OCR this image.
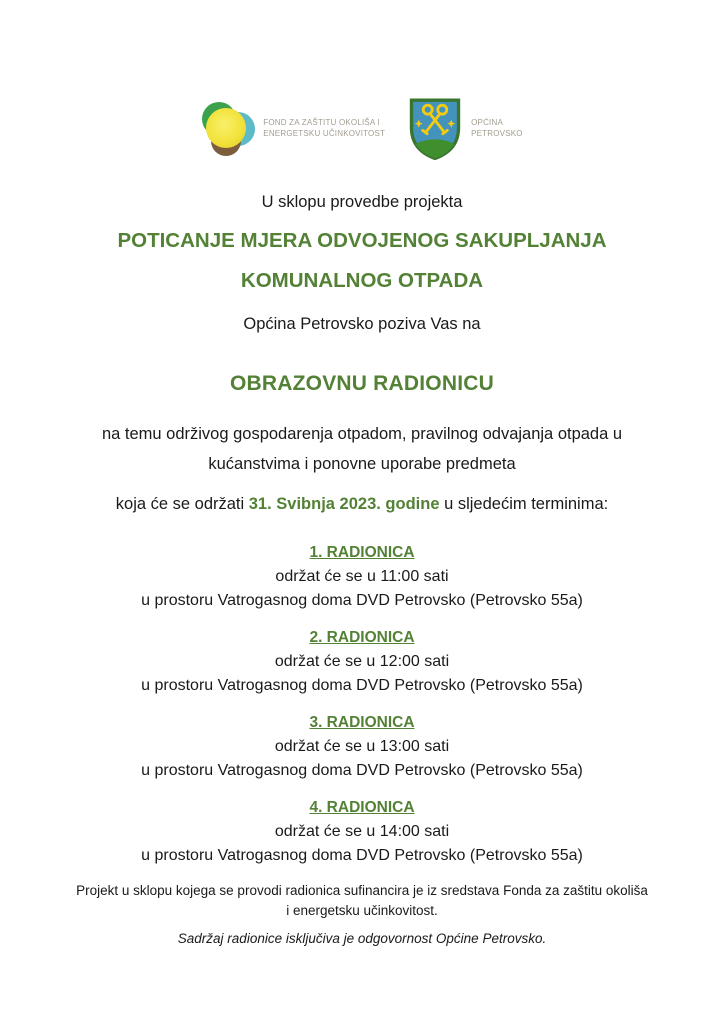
FOND ZA ZAŠTITU OKOLIŠA I
ENERGETSKU UČINKOVITOST
OPĆINA
PETROVSKO
U sklopu provedbe projekta
POTICANJE MJERA ODVOJENOG SAKUPLJANJA KOMUNALNOG OTPADA
Općina Petrovsko poziva Vas na
OBRAZOVNU RADIONICU
na temu održivog gospodarenja otpadom, pravilnog odvajanja otpada u kućanstvima i ponovne uporabe predmeta
koja će se održati 31. Svibnja 2023. godine u sljedećim terminima:
1. RADIONICA
održat će se u 11:00 sati
u prostoru Vatrogasnog doma DVD Petrovsko (Petrovsko 55a)
2. RADIONICA
održat će se u 12:00 sati
u prostoru Vatrogasnog doma DVD Petrovsko (Petrovsko 55a)
3. RADIONICA
održat će se u 13:00 sati
u prostoru Vatrogasnog doma DVD Petrovsko (Petrovsko 55a)
4. RADIONICA
održat će se u 14:00 sati
u prostoru Vatrogasnog doma DVD Petrovsko (Petrovsko 55a)
Projekt u sklopu kojega se provodi radionica sufinancira je iz sredstava Fonda za zaštitu okoliša i energetsku učinkovitost.
Sadržaj radionice isključiva je odgovornost Općine Petrovsko.
